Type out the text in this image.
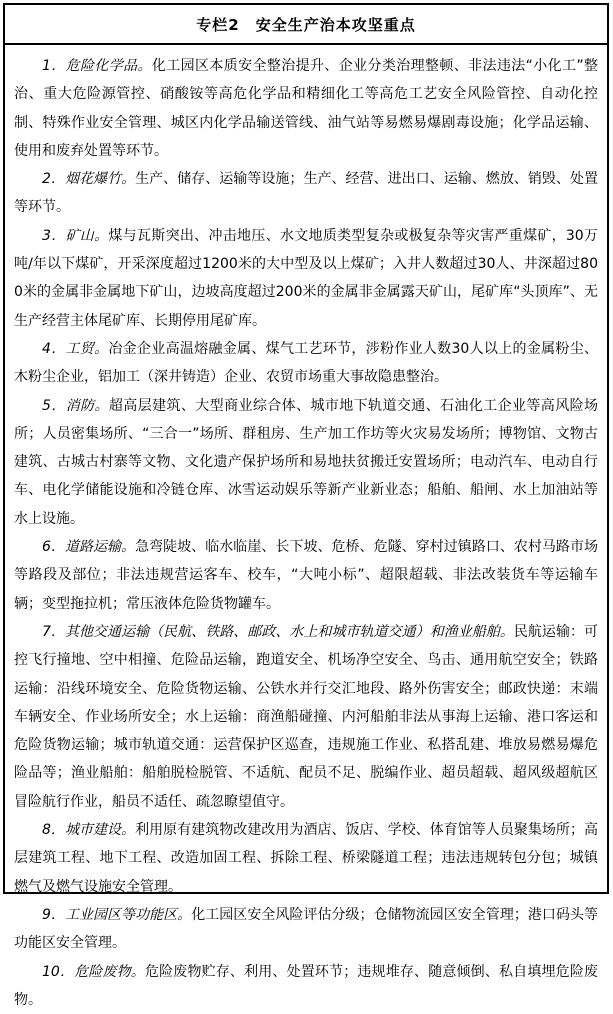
专栏2　安全生产治本攻坚重点

1．危险化学品。化工园区本质安全整治提升、企业分类治理整顿、非法违法“小化工”整治、重大危险源管控、硝酸铵等高危化学品和精细化工等高危工艺安全风险管控、自动化控制、特殊作业安全管理、城区内化学品输送管线、油气站等易燃易爆剧毒设施；化学品运输、使用和废弃处置等环节。

2．烟花爆竹。生产、储存、运输等设施；生产、经营、进出口、运输、燃放、销毁、处置等环节。

3．矿山。煤与瓦斯突出、冲击地压、水文地质类型复杂或极复杂等灾害严重煤矿，30万吨/年以下煤矿，开采深度超过1200米的大中型及以上煤矿；入井人数超过30人、井深超过800米的金属非金属地下矿山，边坡高度超过200米的金属非金属露天矿山，尾矿库“头顶库”、无生产经营主体尾矿库、长期停用尾矿库。

4．工贸。冶金企业高温熔融金属、煤气工艺环节，涉粉作业人数30人以上的金属粉尘、木粉尘企业，铝加工（深井铸造）企业、农贸市场重大事故隐患整治。

5．消防。超高层建筑、大型商业综合体、城市地下轨道交通、石油化工企业等高风险场所；人员密集场所、“三合一”场所、群租房、生产加工作坊等火灾易发场所；博物馆、文物古建筑、古城古村寨等文物、文化遗产保护场所和易地扶贫搬迁安置场所；电动汽车、电动自行车、电化学储能设施和冷链仓库、冰雪运动娱乐等新产业新业态；船舶、船闸、水上加油站等水上设施。

6．道路运输。急弯陡坡、临水临崖、长下坡、危桥、危隧、穿村过镇路口、农村马路市场等路段及部位；非法违规营运客车、校车，“大吨小标”、超限超载、非法改装货车等运输车辆；变型拖拉机；常压液体危险货物罐车。

7．其他交通运输（民航、铁路、邮政、水上和城市轨道交通）和渔业船舶。民航运输：可控飞行撞地、空中相撞、危险品运输，跑道安全、机场净空安全、鸟击、通用航空安全；铁路运输：沿线环境安全、危险货物运输、公铁水并行交汇地段、路外伤害安全；邮政快递：末端车辆安全、作业场所安全；水上运输：商渔船碰撞、内河船舶非法从事海上运输、港口客运和危险货物运输；城市轨道交通：运营保护区巡查，违规施工作业、私搭乱建、堆放易燃易爆危险品等；渔业船舶：船舶脱检脱管、不适航、配员不足、脱编作业、超员超载、超风级超航区冒险航行作业，船员不适任、疏忽瞭望值守。

8．城市建设。利用原有建筑物改建改用为酒店、饭店、学校、体育馆等人员聚集场所；高层建筑工程、地下工程、改造加固工程、拆除工程、桥梁隧道工程；违法违规转包分包；城镇燃气及燃气设施安全管理。

9．工业园区等功能区。化工园区安全风险评估分级；仓储物流园区安全管理；港口码头等功能区安全管理。

10．危险废物。危险废物贮存、利用、处置环节；违规堆存、随意倾倒、私自填埋危险废物。
